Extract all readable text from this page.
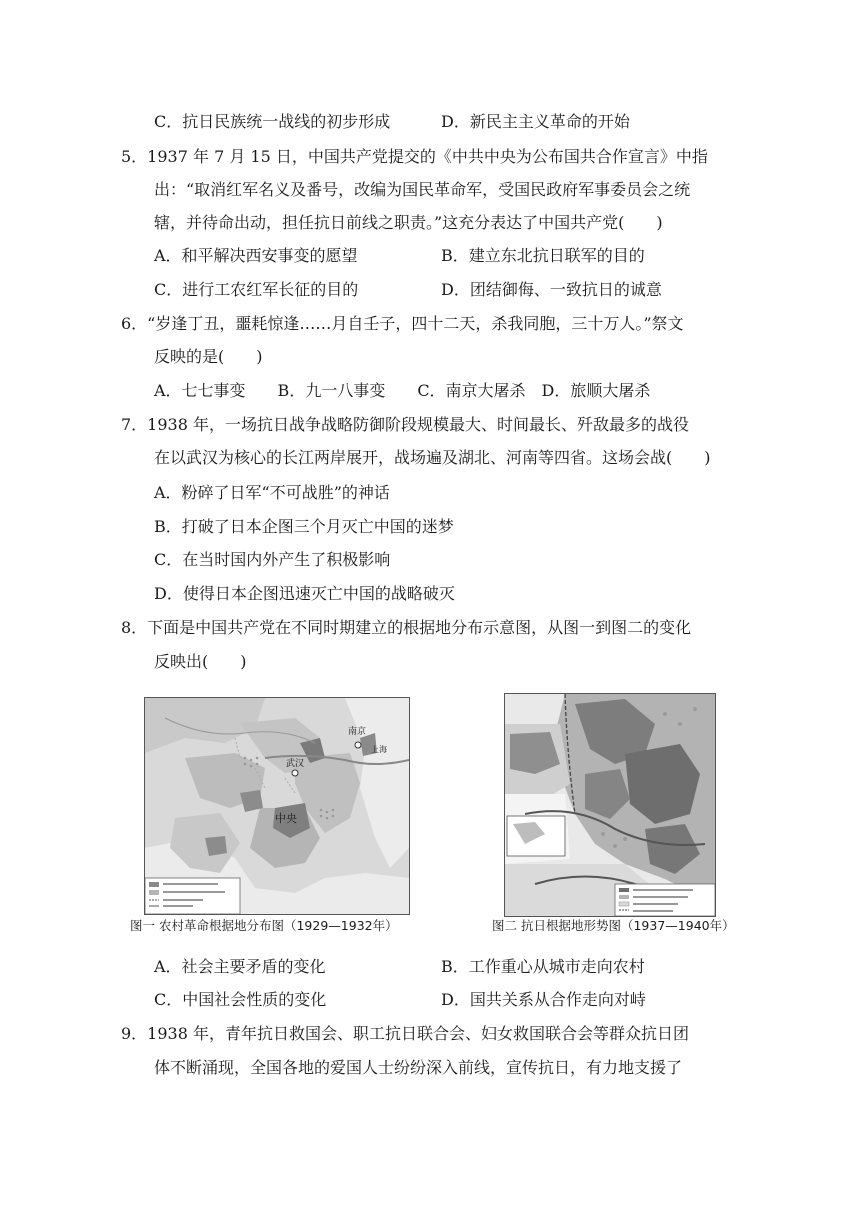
C．抗日民族统一战线的初步形成	D．新民主主义革命的开始
5．1937 年 7 月 15 日，中国共产党提交的《中共中央为公布国共合作宣言》中指
出：“取消红军名义及番号，改编为国民革命军，受国民政府军事委员会之统
辖，并待命出动，担任抗日前线之职责。”这充分表达了中国共产党(　　)
A．和平解决西安事变的愿望	B．建立东北抗日联军的目的
C．进行工农红军长征的目的	D．团结御侮、一致抗日的诚意
6．“岁逢丁丑，噩耗惊逢……月自壬子，四十二天，杀我同胞，三十万人。”祭文
反映的是(　　)
A．七七事变　　B．九一八事变　　C．南京大屠杀　D．旅顺大屠杀
7．1938 年，一场抗日战争战略防御阶段规模最大、时间最长、歼敌最多的战役
在以武汉为核心的长江两岸展开，战场遍及湖北、河南等四省。这场会战(　　)
A．粉碎了日军“不可战胜”的神话
B．打破了日本企图三个月灭亡中国的迷梦
C．在当时国内外产生了积极影响
D．使得日本企图迅速灭亡中国的战略破灭
8．下面是中国共产党在不同时期建立的根据地分布示意图，从图一到图二的变化
反映出(　　)
南京
武汉
中央
上海
图一 农村革命根据地分布图（1929—1932年）	图二 抗日根据地形势图（1937—1940年）
A．社会主要矛盾的变化	B．工作重心从城市走向农村
C．中国社会性质的变化	D．国共关系从合作走向对峙
9．1938 年，青年抗日救国会、职工抗日联合会、妇女救国联合会等群众抗日团
体不断涌现，全国各地的爱国人士纷纷深入前线，宣传抗日，有力地支援了
